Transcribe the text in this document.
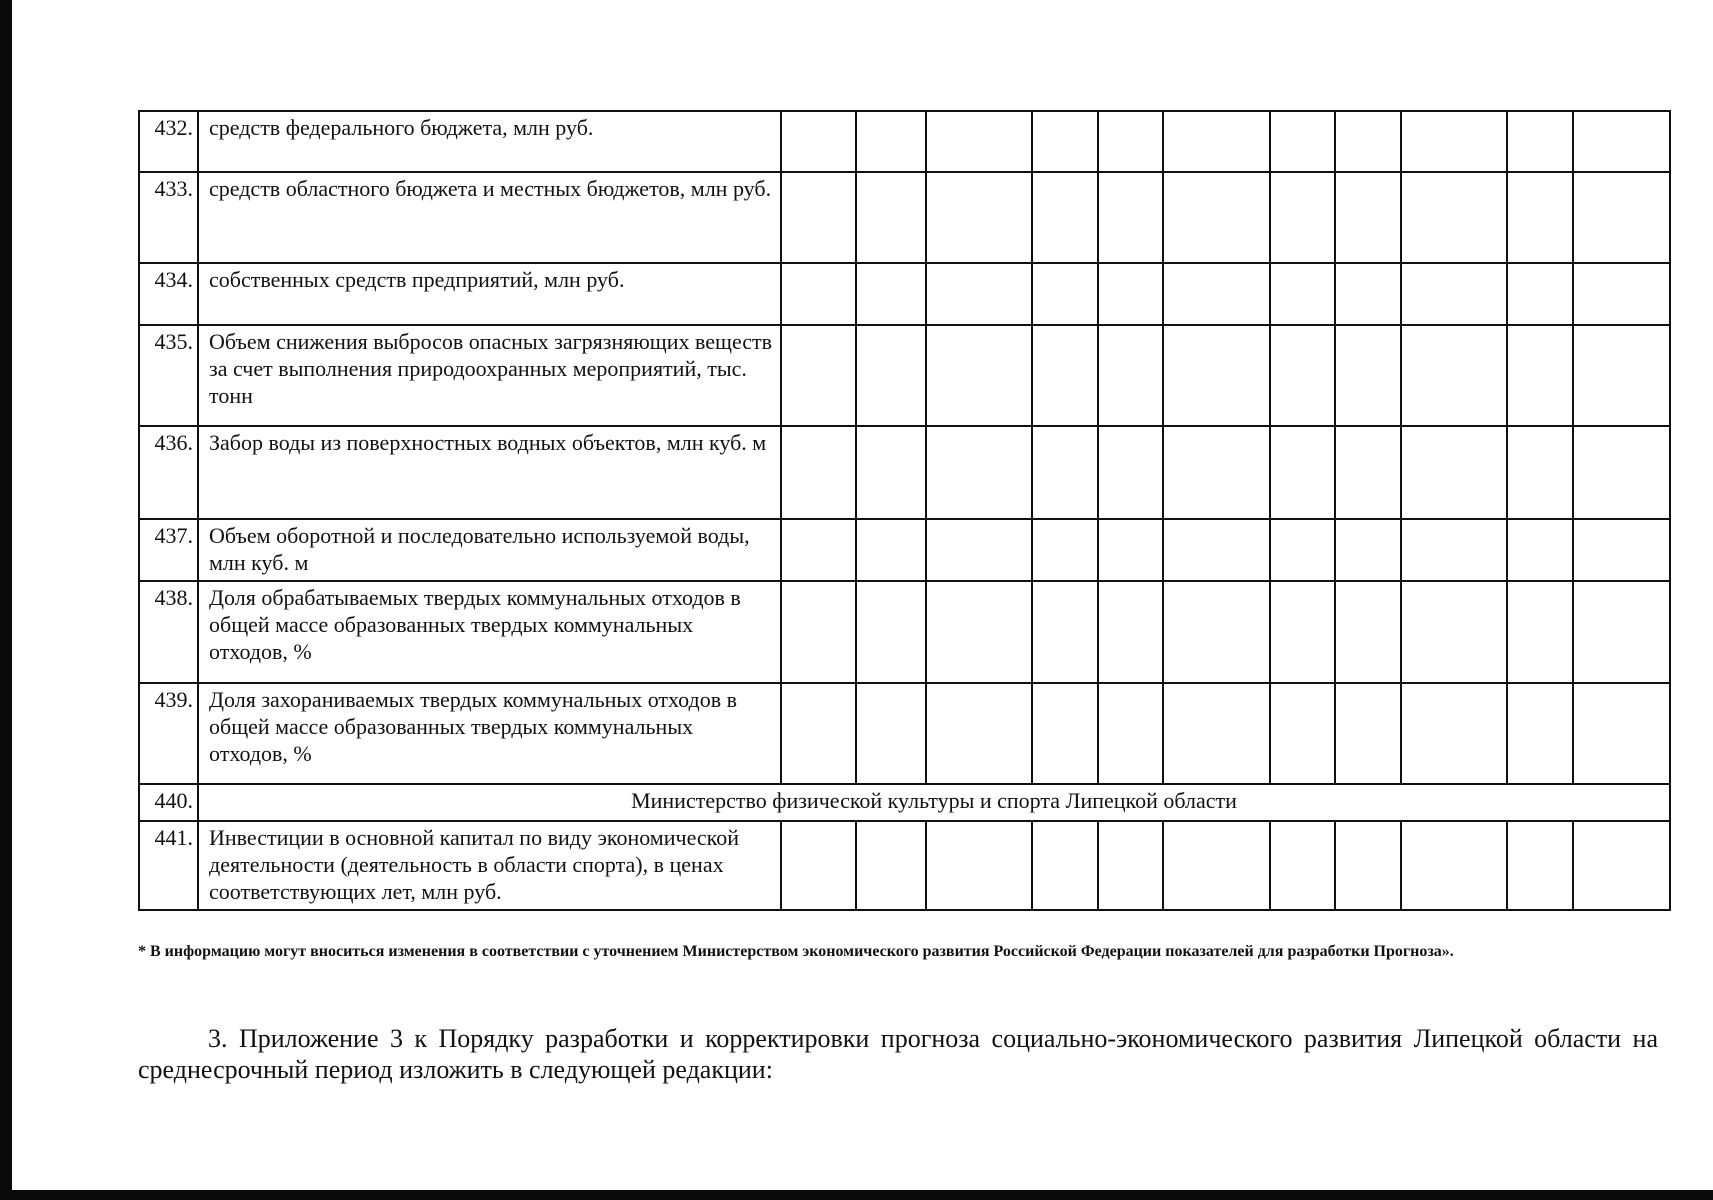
432.	средств федерального бюджета, млн руб.											
433.	средств областного бюджета и местных бюджетов, млн руб.											
434.	собственных средств предприятий, млн руб.											
435.	Объем снижения выбросов опасных загрязняющих веществ за счет выполнения природоохранных мероприятий, тыс. тонн											
436.	Забор воды из поверхностных водных объектов, млн куб. м											
437.	Объем оборотной и последовательно используемой воды, млн куб. м											
438.	Доля обрабатываемых твердых коммунальных отходов в общей массе образованных твердых коммунальных отходов, %											
439.	Доля захораниваемых твердых коммунальных отходов в общей массе образованных твердых коммунальных отходов, %											
440.	Министерство физической культуры и спорта Липецкой области											
441.	Инвестиции в основной капитал по виду экономической деятельности (деятельность в области спорта), в ценах соответствующих лет, млн руб.											
* В информацию могут вноситься изменения в соответствии с уточнением Министерством экономического развития Российской Федерации показателей для разработки Прогноза».
3. Приложение 3 к Порядку разработки и корректировки прогноза социально-экономического развития Липецкой области на среднесрочный период изложить в следующей редакции:
